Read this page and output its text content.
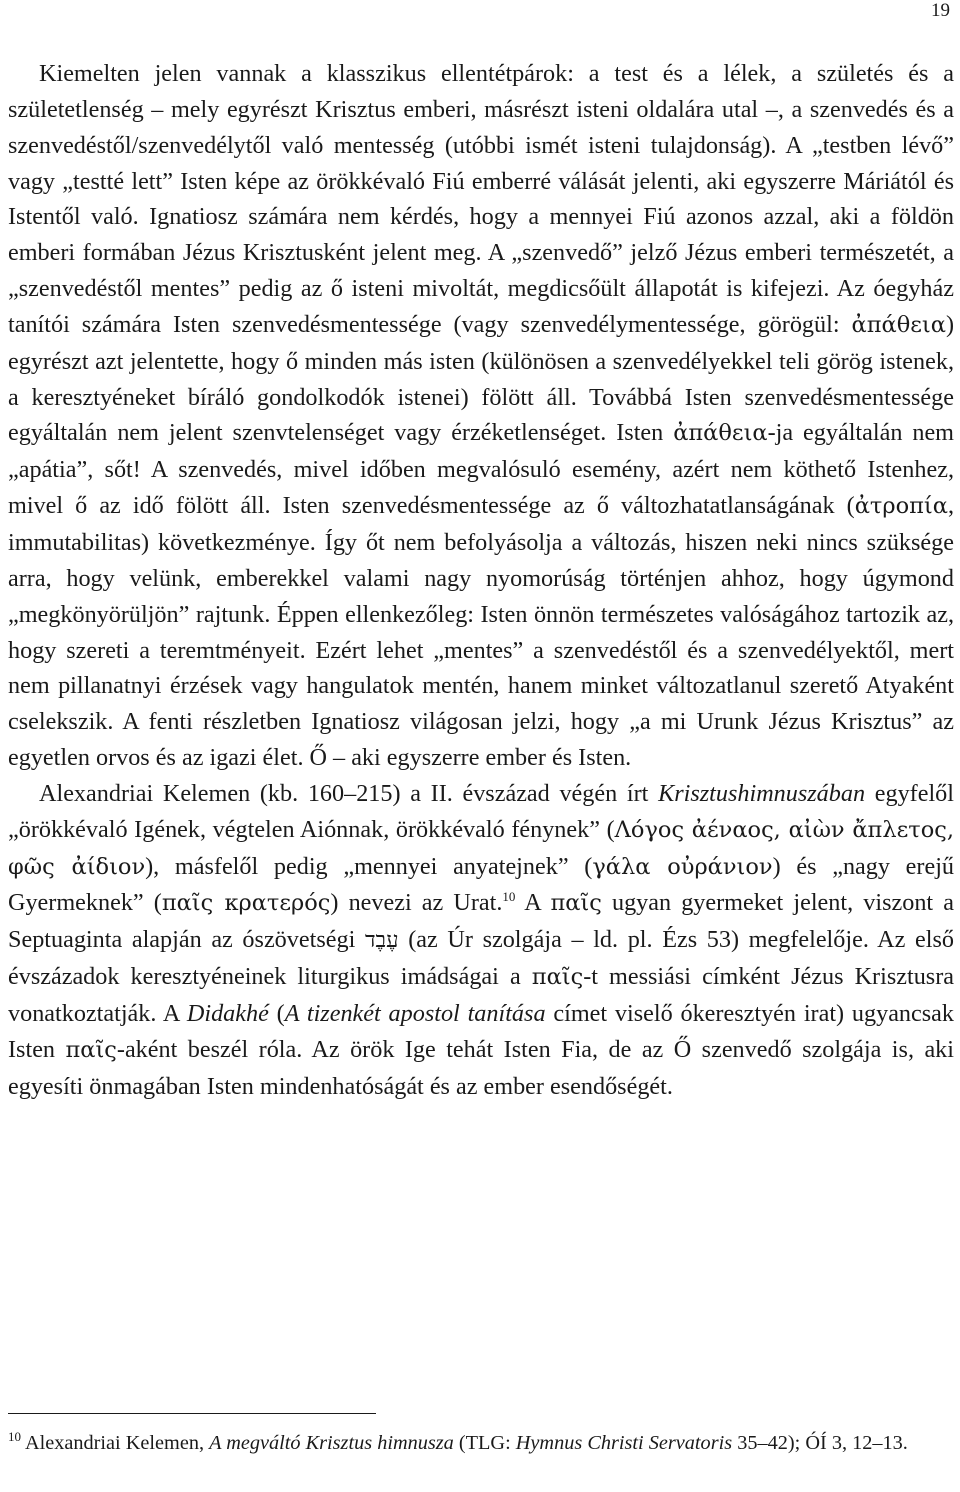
19

Kiemelten jelen vannak a klasszikus ellentétpárok: a test és a lélek, a születés és a születetlenség – mely egyrészt Krisztus emberi, másrészt isteni oldalára utal –, a szenvedés és a szenvedéstől/szenvedélytől való mentesség (utóbbi ismét isteni tulajdonság). A „testben lévő” vagy „testté lett” Isten képe az örökkévaló Fiú emberré válását jelenti, aki egyszerre Máriától és Istentől való. Ignatiosz számára nem kérdés, hogy a mennyei Fiú azonos azzal, aki a földön emberi formában Jézus Krisztusként jelent meg. A „szenvedő” jelző Jézus emberi természetét, a „szenvedéstől mentes” pedig az ő isteni mivoltát, megdicsőült állapotát is kifejezi. Az óegyház tanítói számára Isten szenvedésmentessége (vagy szenvedélymentessége, görögül: ἀπάθεια) egyrészt azt jelentette, hogy ő minden más isten (különösen a szenvedélyekkel teli görög istenek, a keresztyéneket bíráló gondolkodók istenei) fölött áll. Továbbá Isten szenvedésmentessége egyáltalán nem jelent szenvtelenséget vagy érzéketlenséget. Isten ἀπάθεια-ja egyáltalán nem „apátia”, sőt! A szenvedés, mivel időben megvalósuló esemény, azért nem köthető Istenhez, mivel ő az idő fölött áll. Isten szenvedésmentessége az ő változhatatlanságának (ἀτροπία, immutabilitas) következménye. Így őt nem befolyásolja a változás, hiszen neki nincs szüksége arra, hogy velünk, emberekkel valami nagy nyomorúság történjen ahhoz, hogy úgymond „megkönyörüljön” rajtunk. Éppen ellenkezőleg: Isten önnön természetes valóságához tartozik az, hogy szereti a teremtményeit. Ezért lehet „mentes” a szenvedéstől és a szenvedélyektől, mert nem pillanatnyi érzések vagy hangulatok mentén, hanem minket változatlanul szerető Atyaként cselekszik. A fenti részletben Ignatiosz világosan jelzi, hogy „a mi Urunk Jézus Krisztus” az egyetlen orvos és az igazi élet. Ő – aki egyszerre ember és Isten.

Alexandriai Kelemen (kb. 160–215) a II. évszázad végén írt Krisztushimnuszában egyfelől „örökkévaló Igének, végtelen Aiónnak, örökkévaló fénynek” (Λόγος ἀέναος, αἰὼν ἄπλετος, φῶς ἀίδιον), másfelől pedig „mennyei anyatejnek” (γάλα οὐράνιον) és „nagy erejű Gyermeknek” (παῖς κρατερός) nevezi az Urat.$^{10}$ A παῖς ugyan gyermeket jelent, viszont a Septuaginta alapján az ószövetségi עֶבֶד (az Úr szolgája – ld. pl. Ézs 53) megfelelője. Az első évszázadok keresztyéneinek liturgikus imádságai a παῖς-t messiási címként Jézus Krisztusra vonatkoztatják. A Didakhé (A tizenkét apostol tanítása címet viselő ókeresztyén irat) ugyancsak Isten παῖς-aként beszél róla. Az örök Ige tehát Isten Fia, de az Ő szenvedő szolgája is, aki egyesíti önmagában Isten mindenhatóságát és az ember esendőségét.

$^{10}$ Alexandriai Kelemen, A megváltó Krisztus himnusza (TLG: Hymnus Christi Servatoris 35–42); ÓÍ 3, 12–13.
